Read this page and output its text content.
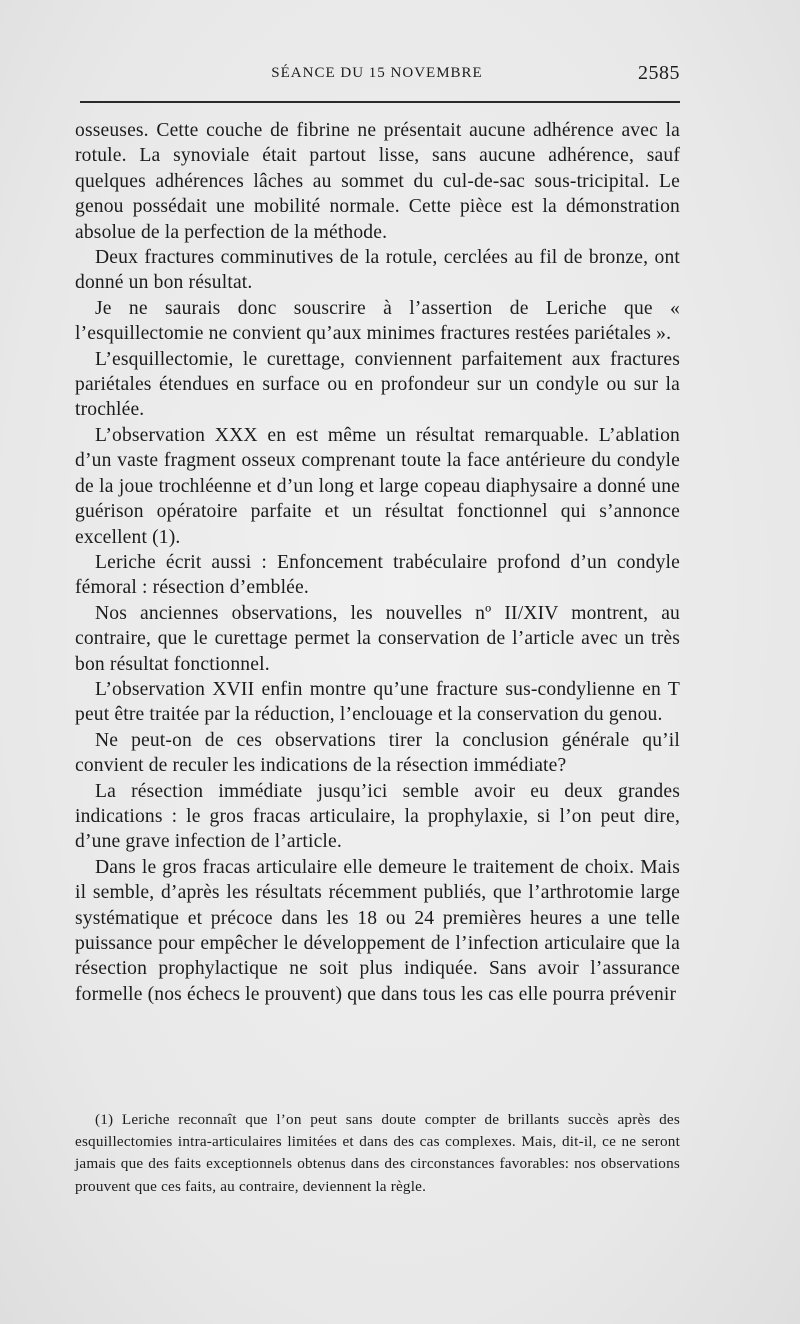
SÉANCE DU 15 NOVEMBRE	2585

osseuses. Cette couche de fibrine ne présentait aucune adhérence avec la rotule. La synoviale était partout lisse, sans aucune adhérence, sauf quelques adhérences lâches au sommet du cul-de-sac sous-tricipital. Le genou possédait une mobilité normale. Cette pièce est la démonstration absolue de la perfection de la méthode.

Deux fractures comminutives de la rotule, cerclées au fil de bronze, ont donné un bon résultat.

Je ne saurais donc souscrire à l’assertion de Leriche que « l’esquillectomie ne convient qu’aux minimes fractures restées pariétales ».

L’esquillectomie, le curettage, conviennent parfaitement aux fractures pariétales étendues en surface ou en profondeur sur un condyle ou sur la trochlée.

L’observation XXX en est même un résultat remarquable. L’ablation d’un vaste fragment osseux comprenant toute la face antérieure du condyle de la joue trochléenne et d’un long et large copeau diaphysaire a donné une guérison opératoire parfaite et un résultat fonctionnel qui s’annonce excellent (1).

Leriche écrit aussi : Enfoncement trabéculaire profond d’un condyle fémoral : résection d’emblée.

Nos anciennes observations, les nouvelles nº II/XIV montrent, au contraire, que le curettage permet la conservation de l’article avec un très bon résultat fonctionnel.

L’observation XVII enfin montre qu’une fracture sus-condylienne en T peut être traitée par la réduction, l’enclouage et la conservation du genou.

Ne peut-on de ces observations tirer la conclusion générale qu’il convient de reculer les indications de la résection immédiate?

La résection immédiate jusqu’ici semble avoir eu deux grandes indications : le gros fracas articulaire, la prophylaxie, si l’on peut dire, d’une grave infection de l’article.

Dans le gros fracas articulaire elle demeure le traitement de choix. Mais il semble, d’après les résultats récemment publiés, que l’arthrotomie large systématique et précoce dans les 18 ou 24 premières heures a une telle puissance pour empêcher le développement de l’infection articulaire que la résection prophylactique ne soit plus indiquée. Sans avoir l’assurance formelle (nos échecs le prouvent) que dans tous les cas elle pourra prévenir

(1) Leriche reconnaît que l’on peut sans doute compter de brillants succès après des esquillectomies intra-articulaires limitées et dans des cas complexes. Mais, dit-il, ce ne seront jamais que des faits exceptionnels obtenus dans des circonstances favorables: nos observations prouvent que ces faits, au contraire, deviennent la règle.
